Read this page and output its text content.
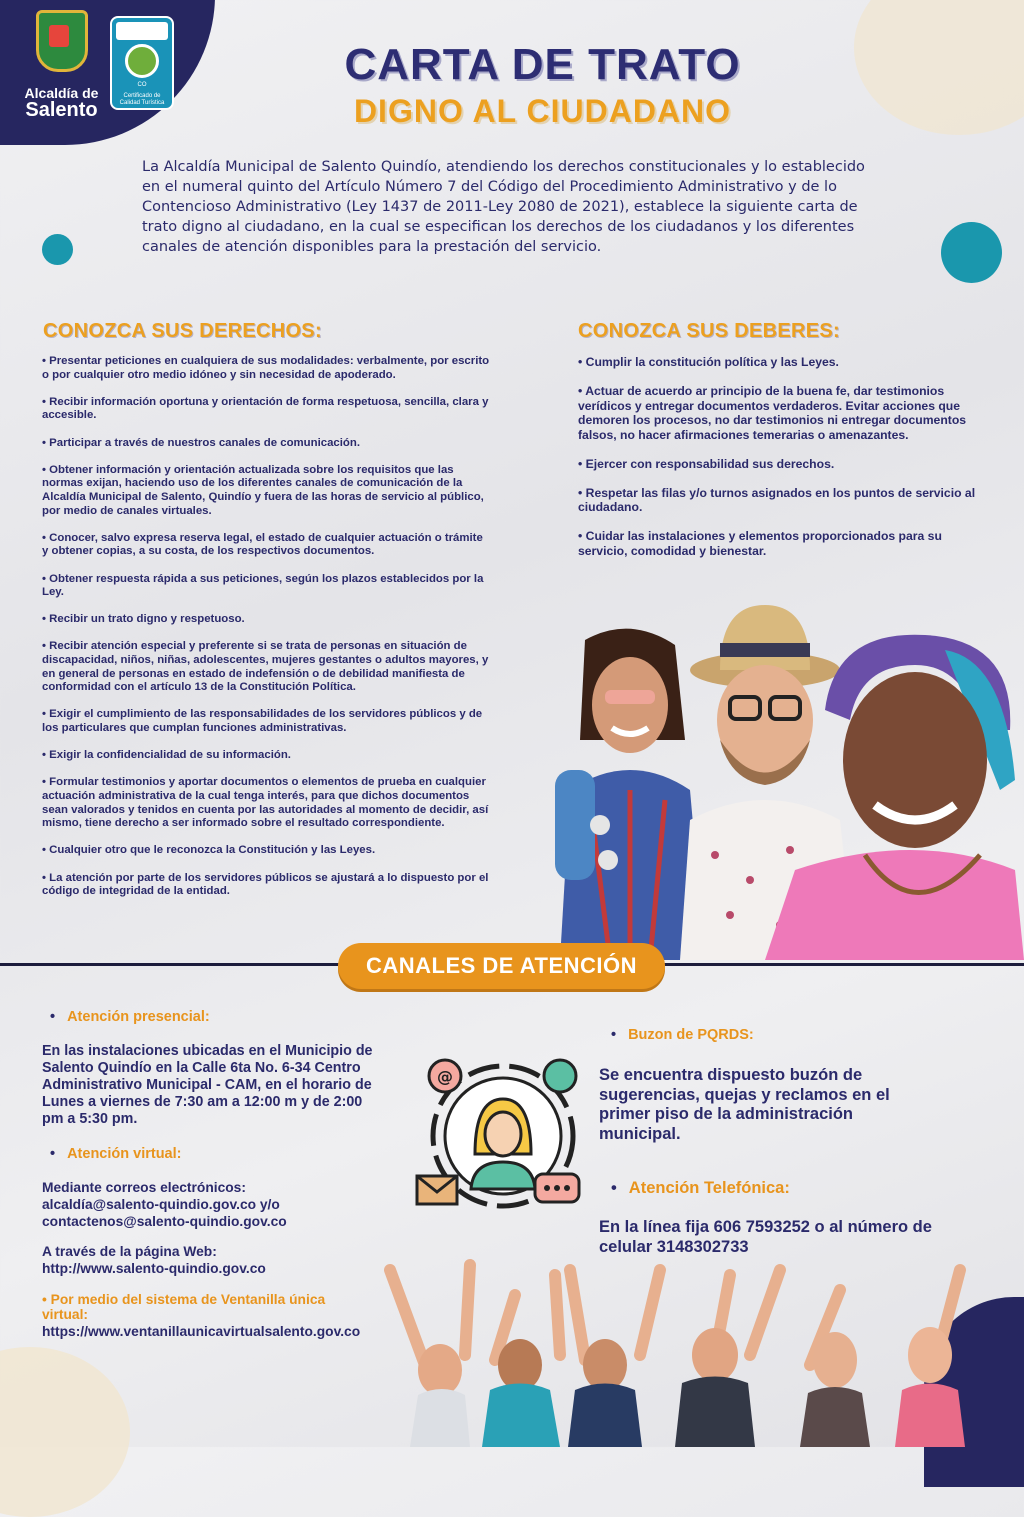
Alcaldía de
Salento
CO
Certificado de Calidad Turística
CARTA DE TRATO
DIGNO AL CIUDADANO
La Alcaldía Municipal de Salento Quindío, atendiendo los derechos constitucionales y lo establecido en el numeral quinto del Artículo Número 7 del Código del Procedimiento Administrativo y de lo Contencioso Administrativo (Ley 1437 de 2011-Ley 2080 de 2021), establece la siguiente carta de trato digno al ciudadano, en la cual se especifican los derechos de los ciudadanos y los diferentes canales de atención disponibles para la prestación del servicio.
CONOZCA SUS DERECHOS:
• Presentar peticiones en cualquiera de sus modalidades: verbalmente, por escrito o por cualquier otro medio idóneo y sin necesidad de apoderado.
• Recibir información oportuna y orientación de forma respetuosa, sencilla, clara y accesible.
• Participar a través de nuestros canales de comunicación.
• Obtener información y orientación actualizada sobre los requisitos que las normas exijan, haciendo uso de los diferentes canales de comunicación de la Alcaldía Municipal de Salento, Quindío y fuera de las horas de servicio al público, por medio de canales virtuales.
• Conocer, salvo expresa reserva legal, el estado de cualquier actuación o trámite y obtener copias, a su costa, de los respectivos documentos.
• Obtener respuesta rápida a sus peticiones, según los plazos establecidos por la Ley.
• Recibir un trato digno y respetuoso.
• Recibir atención especial y preferente si se trata de personas en situación de discapacidad, niños, niñas, adolescentes, mujeres gestantes o adultos mayores, y en general de personas en estado de indefensión o de debilidad manifiesta de conformidad con el artículo 13 de la Constitución Política.
• Exigir el cumplimiento de las responsabilidades de los servidores públicos y de los particulares que cumplan funciones administrativas.
• Exigir la confidencialidad de su información.
• Formular testimonios y aportar documentos o elementos de prueba en cualquier actuación administrativa de la cual tenga interés, para que dichos documentos sean valorados y tenidos en cuenta por las autoridades al momento de decidir, así mismo, tiene derecho a ser informado sobre el resultado correspondiente.
• Cualquier otro que le reconozca la Constitución y las Leyes.
• La atención por parte de los servidores públicos se ajustará a lo dispuesto por el código de integridad de la entidad.
CONOZCA SUS DEBERES:
• Cumplir la constitución política y las Leyes.
• Actuar de acuerdo ar principio de la buena fe, dar testimonios verídicos y entregar documentos verdaderos. Evitar acciones que demoren los procesos, no dar testimonios ni entregar documentos falsos, no hacer afirmaciones temerarias o amenazantes.
• Ejercer con responsabilidad sus derechos.
• Respetar las filas y/o turnos asignados en los puntos de servicio al ciudadano.
• Cuidar las instalaciones y elementos proporcionados para su servicio, comodidad y bienestar.
CANALES DE ATENCIÓN
• Atención presencial:
En las instalaciones ubicadas en el Municipio de Salento Quindío en la Calle 6ta No. 6-34 Centro Administrativo Municipal - CAM, en el horario de Lunes a viernes de 7:30 am a 12:00 m y de 2:00 pm a 5:30 pm.
• Atención virtual:
Mediante correos electrónicos:
alcaldía@salento-quindio.gov.co y/o contactenos@salento-quindio.gov.co
A través de la página Web:
http://www.salento-quindio.gov.co
• Por medio del sistema de Ventanilla única virtual:
https://www.ventanillaunicavirtualsalento.gov.co
@
• Buzon de PQRDS:
Se encuentra dispuesto buzón de sugerencias, quejas y reclamos en el primer piso de la administración municipal.
• Atención Telefónica:
En la línea fija 606 7593252 o al número de celular 3148302733
